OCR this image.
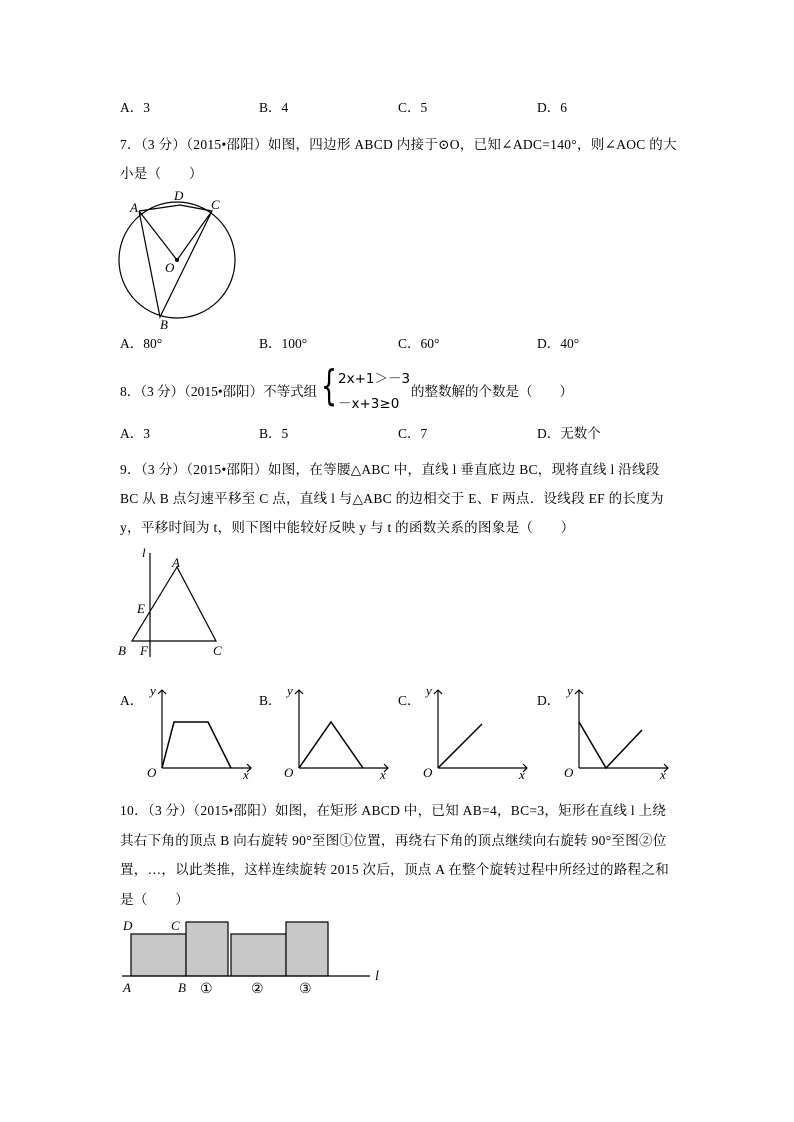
A．3	B．4	C．5	D．6
7．（3 分）（2015•邵阳）如图，四边形 ABCD 内接于⊙O，已知∠ADC=140°，则∠AOC 的大
小是（　　）
A
D
C
O
B
A．80°	B．100°	C．60°	D．40°
8．（3 分）（2015•邵阳）不等式组 { 2x+1＞－3
－x+3≥0
的整数解的个数是（　　）
A．3	B．5	C．7	D．无数个
9．（3 分）（2015•邵阳）如图，在等腰△ABC 中，直线 l 垂直底边 BC，现将直线 l 沿线段
BC 从 B 点匀速平移至 C 点，直线 l 与△ABC 的边相交于 E、F 两点．设线段 EF 的长度为
y，平移时间为 t，则下图中能较好反映 y 与 t 的函数关系的图象是（　　）
l
A
E
B F	C
A．
y
O	x
B．
y
O	x
C．
y
O	x
D．
y
O	x
10．（3 分）（2015•邵阳）如图，在矩形 ABCD 中，已知 AB=4，BC=3，矩形在直线 l 上绕
其右下角的顶点 B 向右旋转 90°至图①位置，再绕右下角的顶点继续向右旋转 90°至图②位
置，…，以此类推，这样连续旋转 2015 次后，顶点 A 在整个旋转过程中所经过的路程之和
是（　　）
D	C
A	B ①	②	③
l
